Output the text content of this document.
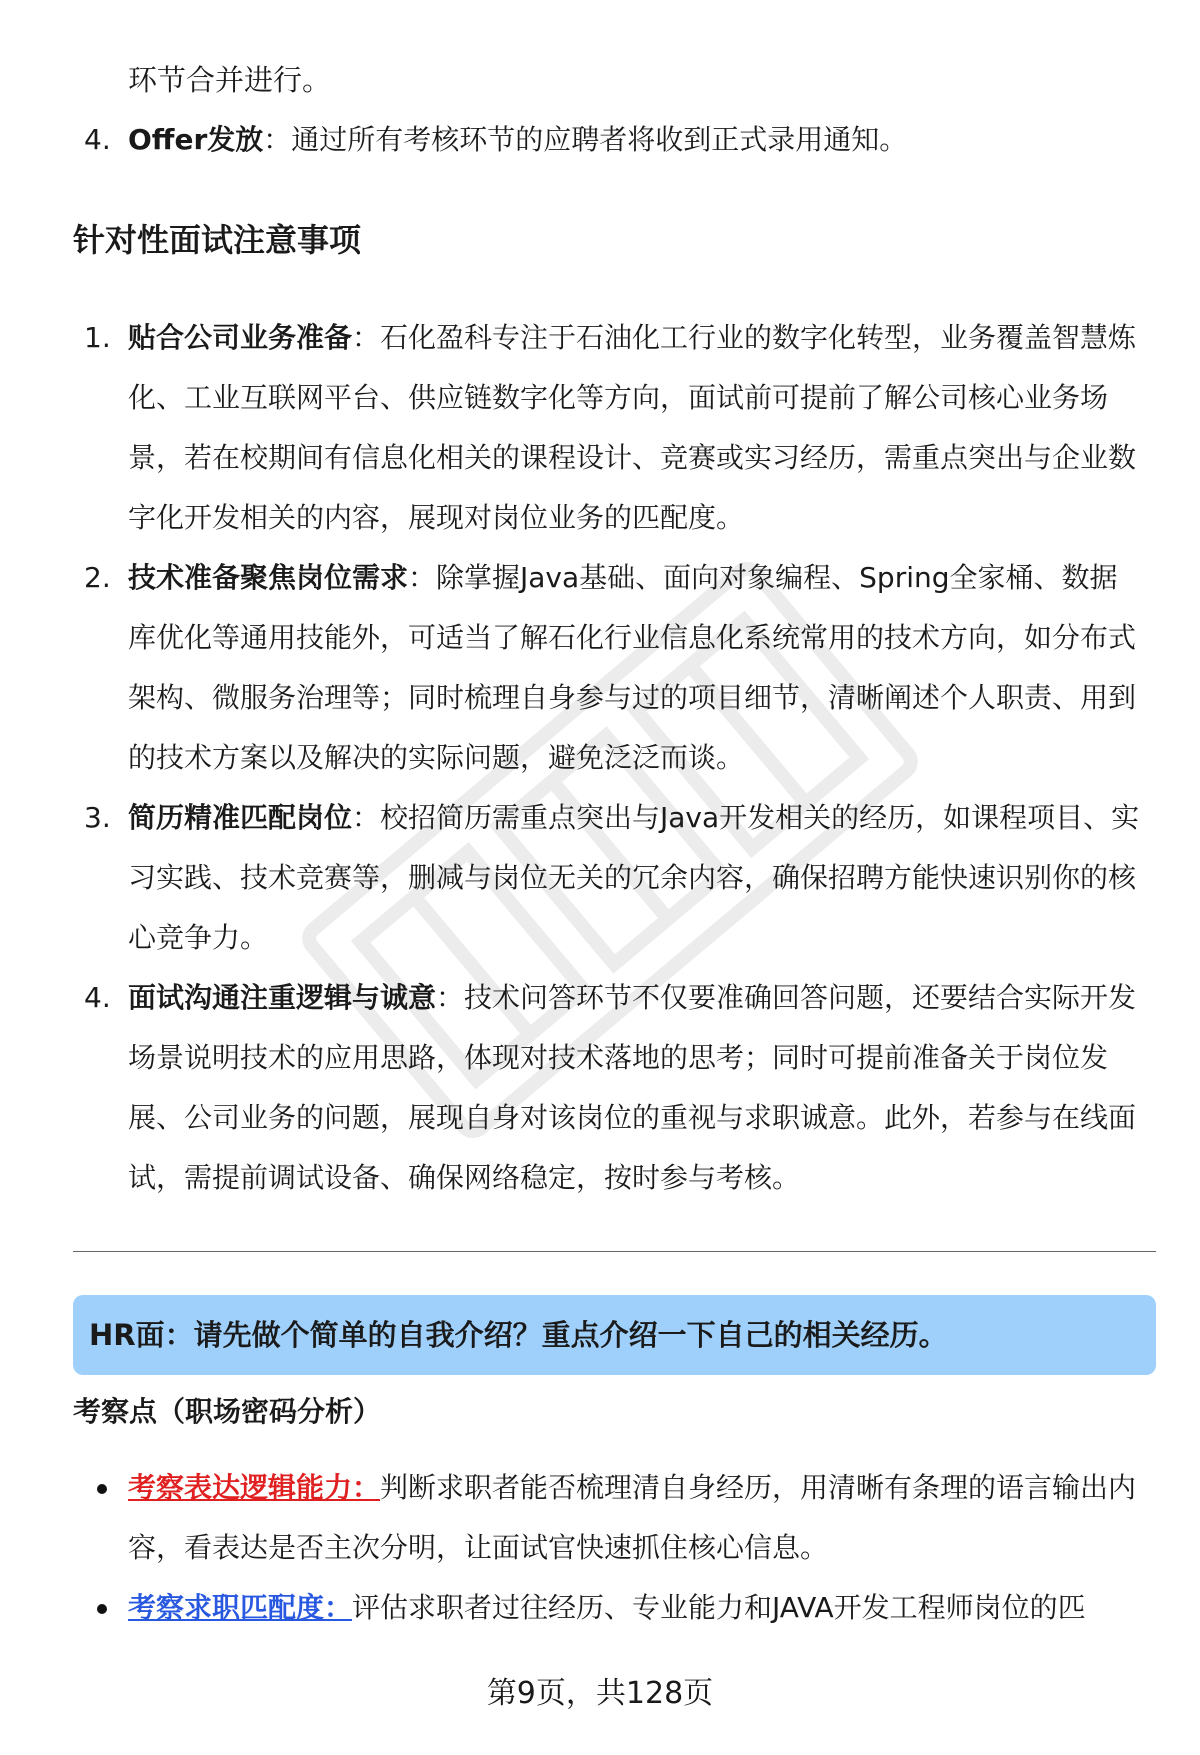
环节合并进行。
4. Offer发放：通过所有考核环节的应聘者将收到正式录用通知。
针对性面试注意事项
1. 贴合公司业务准备：石化盈科专注于石油化工行业的数字化转型，业务覆盖智慧炼化、工业互联网平台、供应链数字化等方向，面试前可提前了解公司核心业务场景，若在校期间有信息化相关的课程设计、竞赛或实习经历，需重点突出与企业数字化开发相关的内容，展现对岗位业务的匹配度。
2. 技术准备聚焦岗位需求：除掌握Java基础、面向对象编程、Spring全家桶、数据库优化等通用技能外，可适当了解石化行业信息化系统常用的技术方向，如分布式架构、微服务治理等；同时梳理自身参与过的项目细节，清晰阐述个人职责、用到的技术方案以及解决的实际问题，避免泛泛而谈。
3. 简历精准匹配岗位：校招简历需重点突出与Java开发相关的经历，如课程项目、实习实践、技术竞赛等，删减与岗位无关的冗余内容，确保招聘方能快速识别你的核心竞争力。
4. 面试沟通注重逻辑与诚意：技术问答环节不仅要准确回答问题，还要结合实际开发场景说明技术的应用思路，体现对技术落地的思考；同时可提前准备关于岗位发展、公司业务的问题，展现自身对该岗位的重视与求职诚意。此外，若参与在线面试，需提前调试设备、确保网络稳定，按时参与考核。
HR面：请先做个简单的自我介绍？重点介绍一下自己的相关经历。
考察点（职场密码分析）
考察表达逻辑能力：判断求职者能否梳理清自身经历，用清晰有条理的语言输出内容，看表达是否主次分明，让面试官快速抓住核心信息。
考察求职匹配度：评估求职者过往经历、专业能力和JAVA开发工程师岗位的匹
第9页，共128页
